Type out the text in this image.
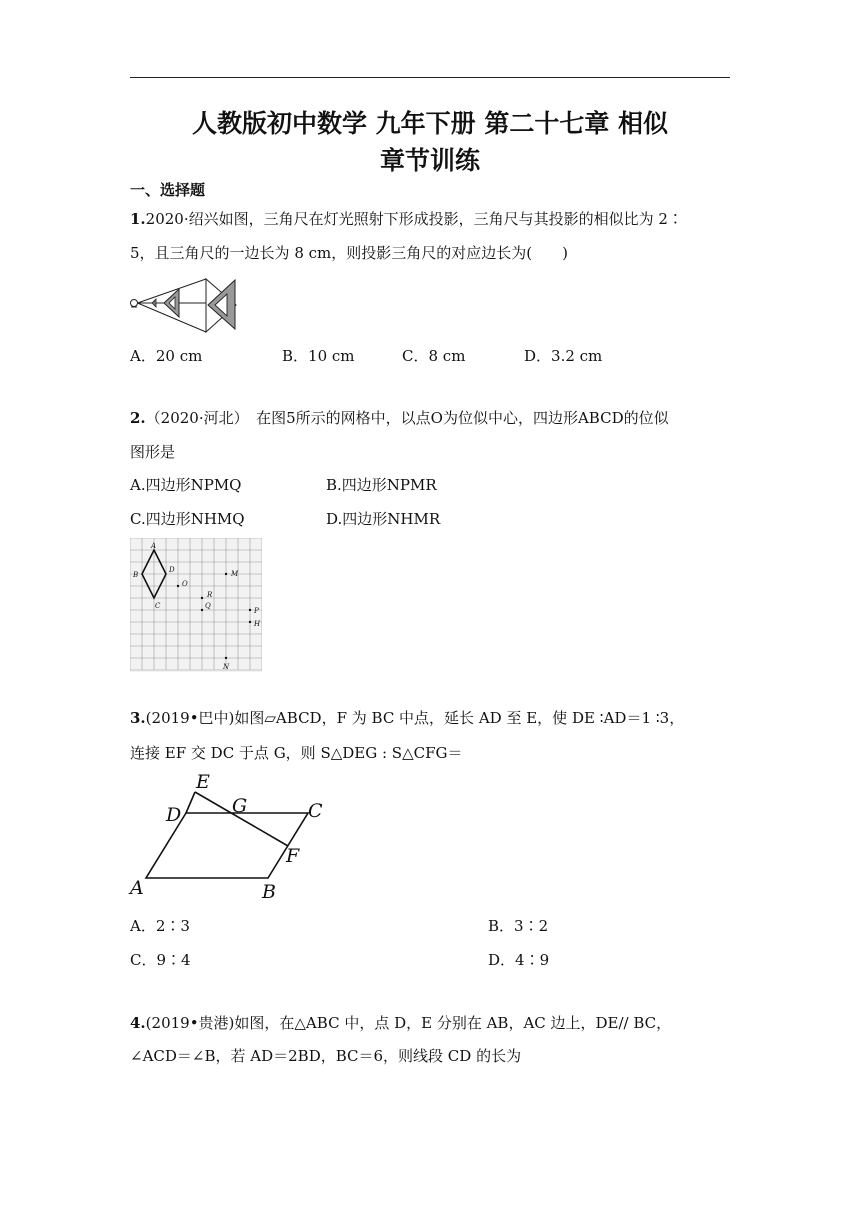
人教版初中数学 九年下册 第二十七章 相似
章节训练
一、选择题
1.2020·绍兴如图，三角尺在灯光照射下形成投影，三角尺与其投影的相似比为 2∶
5，且三角尺的一边长为 8 cm，则投影三角尺的对应边长为(　　)
A．20 cm	B．10 cm	C．8 cm	D．3.2 cm
2.（2020·河北）　在图5所示的网格中，以点O为位似中心，四边形ABCD的位似
图形是
A.四边形NPMQ	B.四边形NPMR
C.四边形NHMQ	D.四边形NHMR
A
B
C
D
O
M
R
Q
P
H
N
3.(2019•巴中)如图▱ABCD，F 为 BC 中点，延长 AD 至 E，使 DE ∶AD＝1 ∶3，
连接 EF 交 DC 于点 G，则 S△DEG : S△CFG＝
E
D	G	C
F
A	B
A．2∶3	B．3∶2
C．9∶4	D．4∶9
4.(2019•贵港)如图，在△ABC 中，点 D，E 分别在 AB，AC 边上，DE// BC，
∠ACD＝∠B，若 AD＝2BD，BC＝6，则线段 CD 的长为
